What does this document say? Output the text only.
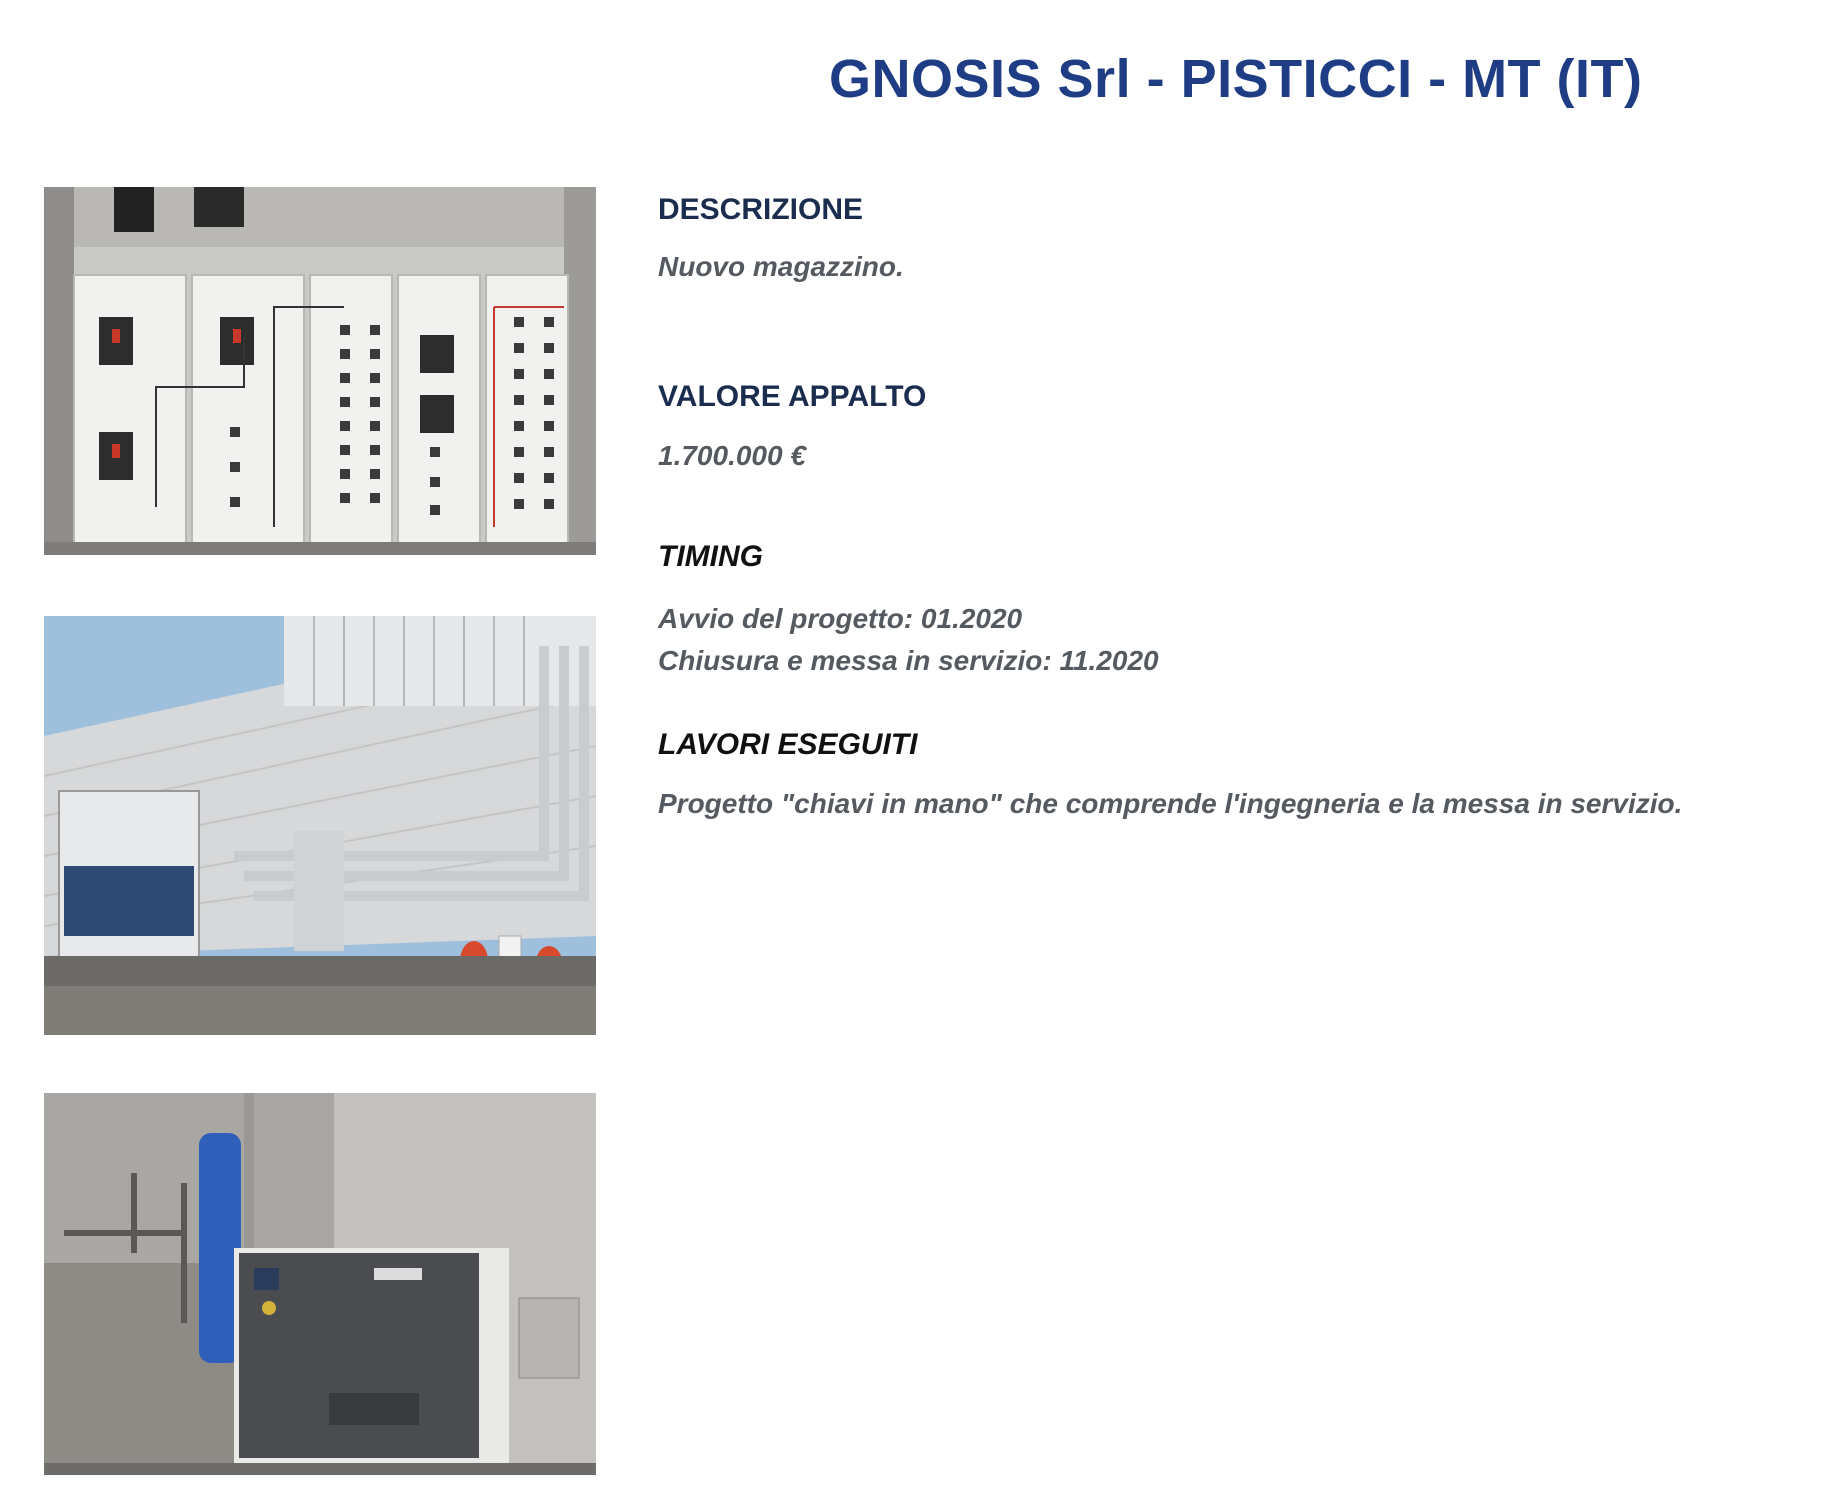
GNOSIS Srl - PISTICCI - MT (IT)

DESCRIZIONE

Nuovo magazzino.

VALORE APPALTO

1.700.000 €

TIMING

Avvio del progetto: 01.2020
Chiusura e messa in servizio: 11.2020

LAVORI ESEGUITI

Progetto "chiavi in mano" che comprende l'ingegneria e la messa in servizio.
